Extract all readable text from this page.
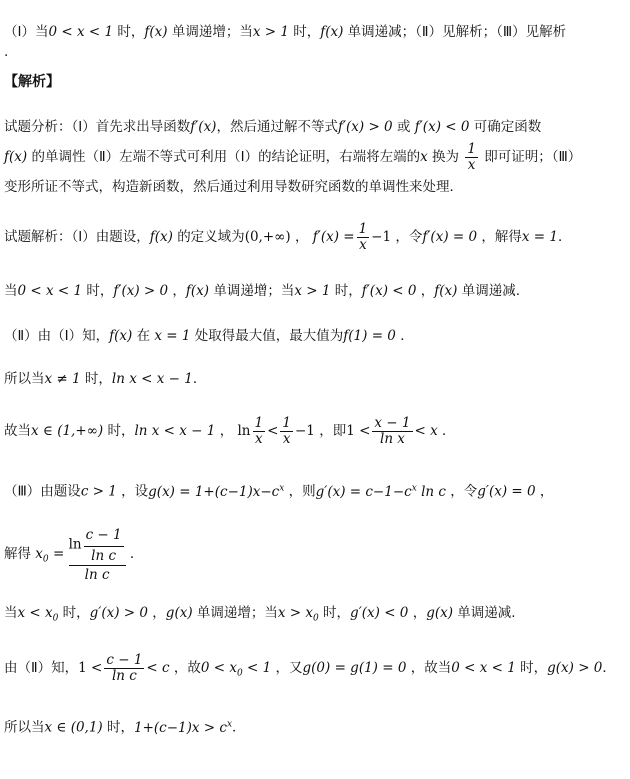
（Ⅰ）当0 < x < 1 时，f(x) 单调递增；当x > 1 时，f(x) 单调递减；（Ⅱ）见解析；（Ⅲ）见解析
.
【解析】
试题分析：（Ⅰ）首先求出导函数f′(x)，然后通过解不等式f′(x) > 0 或 f′(x) < 0 可确定函数
f(x) 的单调性（Ⅱ）左端不等式可利用（Ⅰ）的结论证明，右端将左端的x 换为 $\frac{1}{x}$ 即可证明；（Ⅲ）
变形所证不等式，构造新函数，然后通过利用导数研究函数的单调性来处理．
试题解析：（Ⅰ）由题设，f(x) 的定义域为(0,+∞) ， $f'(x) = \frac{1}{x} -1$ ，令f′(x) = 0 ，解得x = 1．
当0 < x < 1 时，f′(x) > 0 ，f(x) 单调递增；当x > 1 时，f′(x) < 0 ，f(x) 单调递减.
（Ⅱ）由（Ⅰ）知，f(x) 在 x = 1 处取得最大值，最大值为f(1) = 0 ．
所以当x ≠ 1 时，ln x < x − 1．
故当x ∈ (1,+∞) 时，ln x < x − 1 ， $\ln \frac{1}{x} < \frac{1}{x} -1$ ，即$1 < \frac{x - 1}{\text{ln x}} < x$ ．
（Ⅲ）由题设c > 1 ，设$g(x) = 1+(c-1)x-c^x$ ，则$g'(x) = c-1-c^x$ ln c ，令g′(x) = 0 ，
解得 $x_0 = \frac{\ln \frac{c - 1}{\text{ln c}}}{\text{ln c}}$ ．
当$x < x_0$ 时，g′(x) > 0 ，g(x) 单调递增；当$x > x_0$ 时，g′(x) < 0 ，g(x) 单调递减.
由（Ⅱ）知，$1 < \frac{c - 1}{\text{ln c}} < c$ ，故$0 < x_0 < 1$ ，又g(0) = g(1) = 0 ，故当0 < x < 1 时，g(x) > 0．
所以当x ∈ (0,1) 时，$1+(c-1)x > c^x$．
